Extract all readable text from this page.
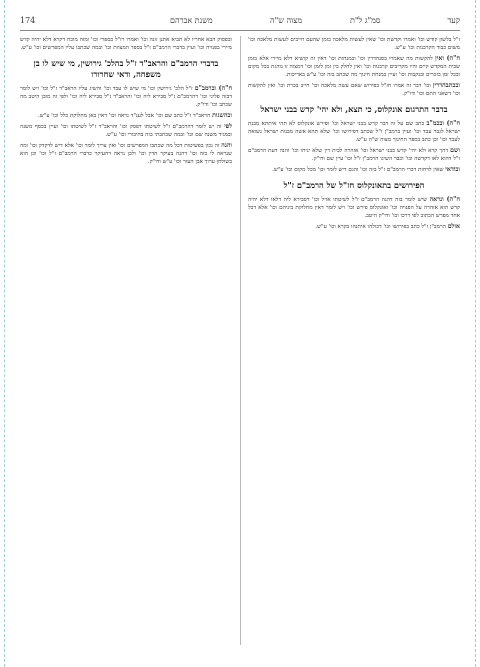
174	משנת אברהם	מצוה ש"ה	סמ"ג ל"ת	קעד

ז"ל בלשון קודש וכו' ואמרו וקדשת וכו' שאין לעשות מלאכה בזמן שהעם חייבים לעשות מלאכה וכו' משום כבוד הקרבנות וכו' ע"ש.

ח"ה) ואין להקשות מה שאמרו בסנהדרין וכו' ובמנחות וכו' דאין זה קושיא דלא מיירי אלא בזמן שבית המקדש קיים והיו מקריבים קרבנות וכו' ואין לחלק בין זמן לזמן וכו' דמצוה זו נוהגת בכל מקום ובכל זמן בזכרים ובנקבות וכו' ועיין במנחת חינוך מה שכתב בזה וכו' ע"ש באריכות.

ובכתבהדרין וכו' דבר זה אמרו חז"ל בפירוש שאם עשה מלאכה וכו' חייב בכרת וכו' ואין להקשות וכו' דשאני התם וכו' ודו"ק.

בדבר התרגום אונקלוס, כי תצא, ולא יהי' קדש בבני ישראל

ח"ה) ובכמ"ב כתב שם על זה דבר קדש בבני ישראל וכו' ופירש אונקלוס לא תהי איתתא מבנת ישראל לגבר עבד וכו' ועיין ברמב"ן ז"ל שכתב דפירושו וכו' שלא תהא אשה מבנות ישראל נשואה לעבד וכו' וכן כתב בספר החינוך מצוה ש"ה ע"ש.

ושם דהך קרא ולא יהי' קדש בבני ישראל וכו' אזהרה לבית דין שלא יניחו וכו' והנה דעת הרמב"ם ז"ל דהוא לאו דקדשה וכו' וכבר השיגו הרמב"ן ז"ל וכו' עיין שם ודו"ק.

ובודאי שאין לדחות דברי הרמב"ם ז"ל בזה וכו' והגם דיש לומר וכו' מכל מקום וכו' ע"ש.

הפירושים בתאונקלוס חז"ל של הרמב"ם ז"ל

ח"ה) ונראה שיש לומר בזה דהנה הרמב"ם ז"ל לשיטתו אזיל וכו' דסבירא ליה דלאו דלא יהיה קדש הוא אזהרה על הפנויה וכו' ואונקלוס פירש וכו' ויש לומר דאין מחלוקת ביניהם וכו' אלא דכל אחד מפרש הכתוב לפי דרכו וכו' ודו"ק היטב.

אולם הרמב"ן ז"ל כתב בפירושו וכו' דכולהו איתנהו בקרא וכו' ע"ש.

ובפסוק הבא אחריו לא תביא אתנן זונה וכו' ואמרו רז"ל בספרי וכו' ומזה מוכח דקרא דלא יהיה קדש מיירי בפנויה וכו' ועיין בדברי הרמב"ם ז"ל בספר המצוות וכו' ובמה שכתבו עליו המפרשים וכו' ע"ש.

בדברי הרמב"ם והראב"ד ז"ל בהלכ' גירושין, מי שיש לו בן משפחה, ודאי שחרורו

ח"ה) וברמב"ם ז"ל הלכ' גירושין וכו' מי שיש לו עבד וכו' והשיג עליו הראב"ד ז"ל וכו' ויש לומר דבזה פליגי וכו' דהרמב"ם ז"ל סבירא ליה וכו' והראב"ד ז"ל סבירא ליה וכו' ולפי זה מובן היטב מה שכתב וכו' ודו"ק.

ובהשגות הראב"ד ז"ל כתב שם וכו' אבל לענ"ד נראה וכו' דאין כאן מחלוקת כלל וכו' ע"ש.

לפי זה יש לומר דהרמב"ם ז"ל לשיטתו דפסק וכו' והראב"ד ז"ל לשיטתו וכו' ועיין בכסף משנה ובמגיד משנה שם וכו' ובמה שכתבתי בזה בחיבורי וכו' ע"ש.

והנה זה נכון בפשיטות דכל מה שכתבו המפרשים וכו' ואין צריך לומר וכו' אלא דיש לדקדק וכו' ומה שנראה לי בזה וכו' דהנה בעיקר הדין וכו' ולכן נראה דהעיקר כדברי הרמב"ם ז"ל וכו' וכן הוא בשולחן ערוך אבן העזר וכו' ע"ש ודו"ק.
